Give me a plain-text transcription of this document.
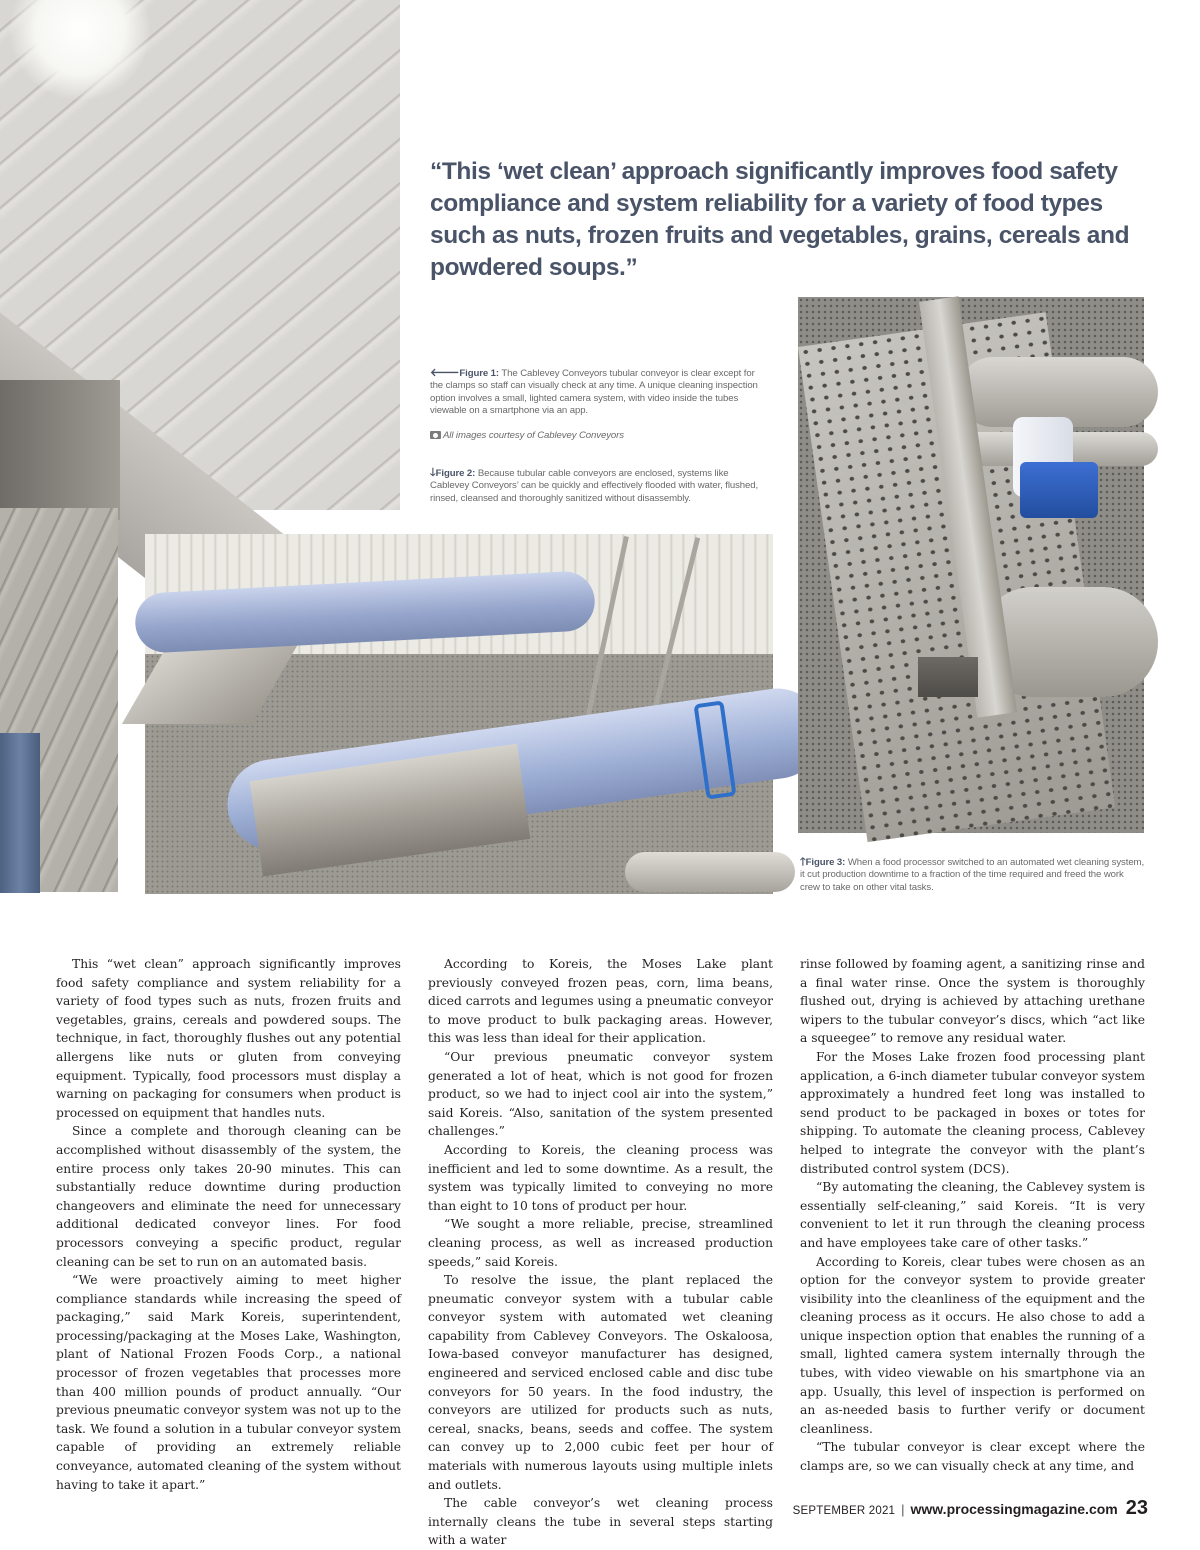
“This ‘wet clean’ approach significantly improves food safety compliance and system reliability for a variety of food types such as nuts, frozen fruits and vegetables, grains, cereals and powdered soups.”
🡐Figure 1: The Cablevey Conveyors tubular conveyor is clear except for the clamps so staff can visually check at any time. A unique cleaning inspection option involves a small, lighted camera system, with video inside the tubes viewable on a smartphone via an app.
All images courtesy of Cablevey Conveyors
🡓Figure 2: Because tubular cable conveyors are enclosed, systems like Cablevey Conveyors’ can be quickly and effectively flooded with water, flushed, rinsed, cleansed and thoroughly sanitized without disassembly.
🡑Figure 3: When a food processor switched to an automated wet cleaning system, it cut production downtime to a fraction of the time required and freed the work crew to take on other vital tasks.

This “wet clean” approach significantly improves food safety compliance and system reliability for a variety of food types such as nuts, frozen fruits and vegetables, grains, cereals and powdered soups. The technique, in fact, thoroughly flushes out any potential allergens like nuts or gluten from conveying equipment. Typically, food processors must display a warning on packaging for consumers when product is processed on equipment that handles nuts.

Since a complete and thorough cleaning can be accomplished without disassembly of the system, the entire process only takes 20-90 minutes. This can substantially reduce downtime during production changeovers and eliminate the need for unnecessary additional dedicated conveyor lines. For food processors conveying a specific product, regular cleaning can be set to run on an automated basis.

“We were proactively aiming to meet higher compliance standards while increasing the speed of packaging,” said Mark Koreis, superintendent, processing/packaging at the Moses Lake, Washington, plant of National Frozen Foods Corp., a national processor of frozen vegetables that processes more than 400 million pounds of product annually. “Our previous pneumatic conveyor system was not up to the task. We found a solution in a tubular conveyor system capable of providing an extremely reliable conveyance, automated cleaning of the system without having to take it apart.”

According to Koreis, the Moses Lake plant previously conveyed frozen peas, corn, lima beans, diced carrots and legumes using a pneumatic conveyor to move product to bulk packaging areas. However, this was less than ideal for their application.

“Our previous pneumatic conveyor system generated a lot of heat, which is not good for frozen product, so we had to inject cool air into the system,” said Koreis. “Also, sanitation of the system presented challenges.”

According to Koreis, the cleaning process was inefficient and led to some downtime. As a result, the system was typically limited to conveying no more than eight to 10 tons of product per hour.

“We sought a more reliable, precise, streamlined cleaning process, as well as increased production speeds,” said Koreis.

To resolve the issue, the plant replaced the pneumatic conveyor system with a tubular cable conveyor system with automated wet cleaning capability from Cablevey Conveyors. The Oskaloosa, Iowa-based conveyor manufacturer has designed, engineered and serviced enclosed cable and disc tube conveyors for 50 years. In the food industry, the conveyors are utilized for products such as nuts, cereal, snacks, beans, seeds and coffee. The system can convey up to 2,000 cubic feet per hour of materials with numerous layouts using multiple inlets and outlets.

The cable conveyor’s wet cleaning process internally cleans the tube in several steps starting with a water

rinse followed by foaming agent, a sanitizing rinse and a final water rinse. Once the system is thoroughly flushed out, drying is achieved by attaching urethane wipers to the tubular conveyor’s discs, which “act like a squeegee” to remove any residual water.

For the Moses Lake frozen food processing plant application, a 6-inch diameter tubular conveyor system approximately a hundred feet long was installed to send product to be packaged in boxes or totes for shipping. To automate the cleaning process, Cablevey helped to integrate the conveyor with the plant’s distributed control system (DCS).

“By automating the cleaning, the Cablevey system is essentially self-cleaning,” said Koreis. “It is very convenient to let it run through the cleaning process and have employees take care of other tasks.”

According to Koreis, clear tubes were chosen as an option for the conveyor system to provide greater visibility into the cleanliness of the equipment and the cleaning process as it occurs. He also chose to add a unique inspection option that enables the running of a small, lighted camera system internally through the tubes, with video viewable on his smartphone via an app. Usually, this level of inspection is performed on an as-needed basis to further verify or document cleanliness.

“The tubular conveyor is clear except where the clamps are, so we can visually check at any time, and

SEPTEMBER 2021 | www.processingmagazine.com 23
